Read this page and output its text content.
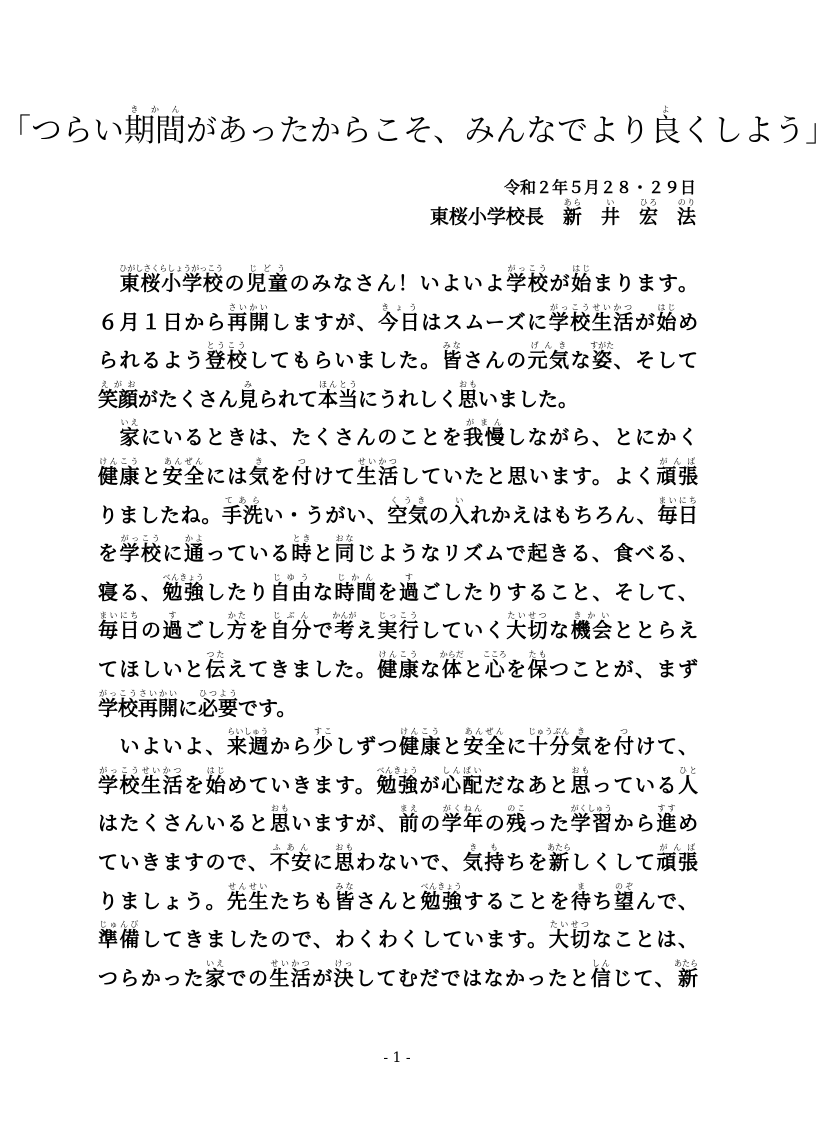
「つらい期間きかんがあったからこそ、みんなでより良よくしよう」
令和２年５月２８・２９日
東桜小学校長　 新あら　井い　宏ひろ　法のり
　東桜小学校ひがしさくらしょうがっこうの児童じどうのみなさん！いよいよ学校がっこうが始はじまります。
６月１日から再開さいかいしますが、今日きょうはスムーズに学校生活がっこうせいかつが始はじめ
られるよう登校とうこうしてもらいました。皆みなさんの元気げんきな姿すがた、そして
笑顔えがおがたくさん見みられて本当ほんとうにうれしく思おもいました。
　家いえにいるときは、たくさんのことを我慢がまんしながら、とにかく
健康けんこうと安全あんぜんには気きを付つけて生活せいかつしていたと思います。よく頑張がんば
りましたね。手洗てあらい・うがい、空気くうきの入いれかえはもちろん、毎日まいにち
を学校がっこうに通かよっている時ときと同おなじようなリズムで起きる、食べる、
寝る、勉強べんきょうしたり自由じゆうな時間じかんを過すごしたりすること、そして、
毎日まいにちの過すごし方かたを自分じぶんで考かんがえ実行じっこうしていく大切たいせつな機会きかいととらえ
てほしいと伝つたえてきました。健康けんこうな体からだと心こころを保たもつことが、まず
学校再開がっこうさいかいに必要ひつようです。
　いよいよ、来週らいしゅうから少すこしずつ健康けんこうと安全あんぜんに十分じゅうぶん気きを付つけて、
学校生活がっこうせいかつを始はじめていきます。勉強べんきょうが心配しんぱいだなあと思おもっている人ひと
はたくさんいると思おもいますが、前まえの学年がくねんの残のこった学習がくしゅうから進すすめ
ていきますので、不安ふあんに思おもわないで、気持きもちを新あたらしくして頑張がんば
りましょう。先生せんせいたちも皆みなさんと勉強べんきょうすることを待まち望のぞんで、
準備じゅんびしてきましたので、わくわくしています。大切たいせつなことは、
つらかった家いえでの生活せいかつが決けっしてむだではなかったと信しんじて、新あたら
- 1 -
